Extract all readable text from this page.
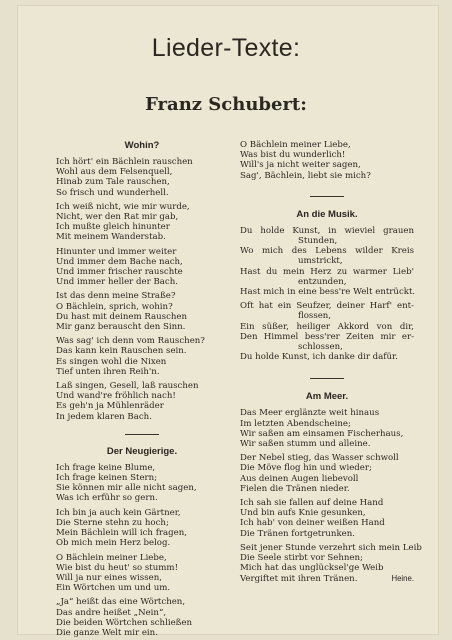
Lieder-Texte:
Franz Schubert:
Wohin?
Ich hört' ein Bächlein rauschen
Wohl aus dem Felsenquell,
Hinab zum Tale rauschen,
So frisch und wunderhell.
Ich weiß nicht, wie mir wurde,
Nicht, wer den Rat mir gab,
Ich mußte gleich hinunter
Mit meinem Wanderstab.
Hinunter und immer weiter
Und immer dem Bache nach,
Und immer frischer rauschte
Und immer heller der Bach.
Ist das denn meine Straße?
O Bächlein, sprich, wohin?
Du hast mit deinem Rauschen
Mir ganz berauscht den Sinn.
Was sag' ich denn vom Rauschen?
Das kann kein Rauschen sein.
Es singen wohl die Nixen
Tief unten ihren Reih'n.
Laß singen, Gesell, laß rauschen
Und wand're fröhlich nach!
Es geh'n ja Mühlenräder
In jedem klaren Bach.
Der Neugierige.
Ich frage keine Blume,
Ich frage keinen Stern;
Sie können mir alle nicht sagen,
Was ich erführ so gern.
Ich bin ja auch kein Gärtner,
Die Sterne stehn zu hoch;
Mein Bächlein will ich fragen,
Ob mich mein Herz belog.
O Bächlein meiner Liebe,
Wie bist du heut' so stumm!
Will ja nur eines wissen,
Ein Wörtchen um und um.
„Ja“ heißt das eine Wörtchen,
Das andre heißet „Nein“,
Die beiden Wörtchen schließen
Die ganze Welt mir ein.
O Bächlein meiner Liebe,
Was bist du wunderlich!
Will's ja nicht weiter sagen,
Sag', Bächlein, liebt sie mich?
An die Musik.
Du holde Kunst, in wieviel grauen
Stunden,
Wo mich des Lebens wilder Kreis
umstrickt,
Hast du mein Herz zu warmer Lieb'
entzunden,
Hast mich in eine bess're Welt entrückt.
Oft hat ein Seufzer, deiner Harf' ent-
flossen,
Ein süßer, heiliger Akkord von dir,
Den Himmel bess'rer Zeiten mir er-
schlossen,
Du holde Kunst, ich danke dir dafür.
Am Meer.
Das Meer erglänzte weit hinaus
Im letzten Abendscheine;
Wir saßen am einsamen Fischerhaus,
Wir saßen stumm und alleine.
Der Nebel stieg, das Wasser schwoll
Die Möve flog hin und wieder;
Aus deinen Augen liebevoll
Fielen die Tränen nieder.
Ich sah sie fallen auf deine Hand
Und bin aufs Knie gesunken,
Ich hab' von deiner weißen Hand
Die Tränen fortgetrunken.
Seit jener Stunde verzehrt sich mein Leib
Die Seele stirbt vor Sehnen;
Mich hat das unglücksel'ge Weib
Vergiftet mit ihren Tränen.	Heine.
